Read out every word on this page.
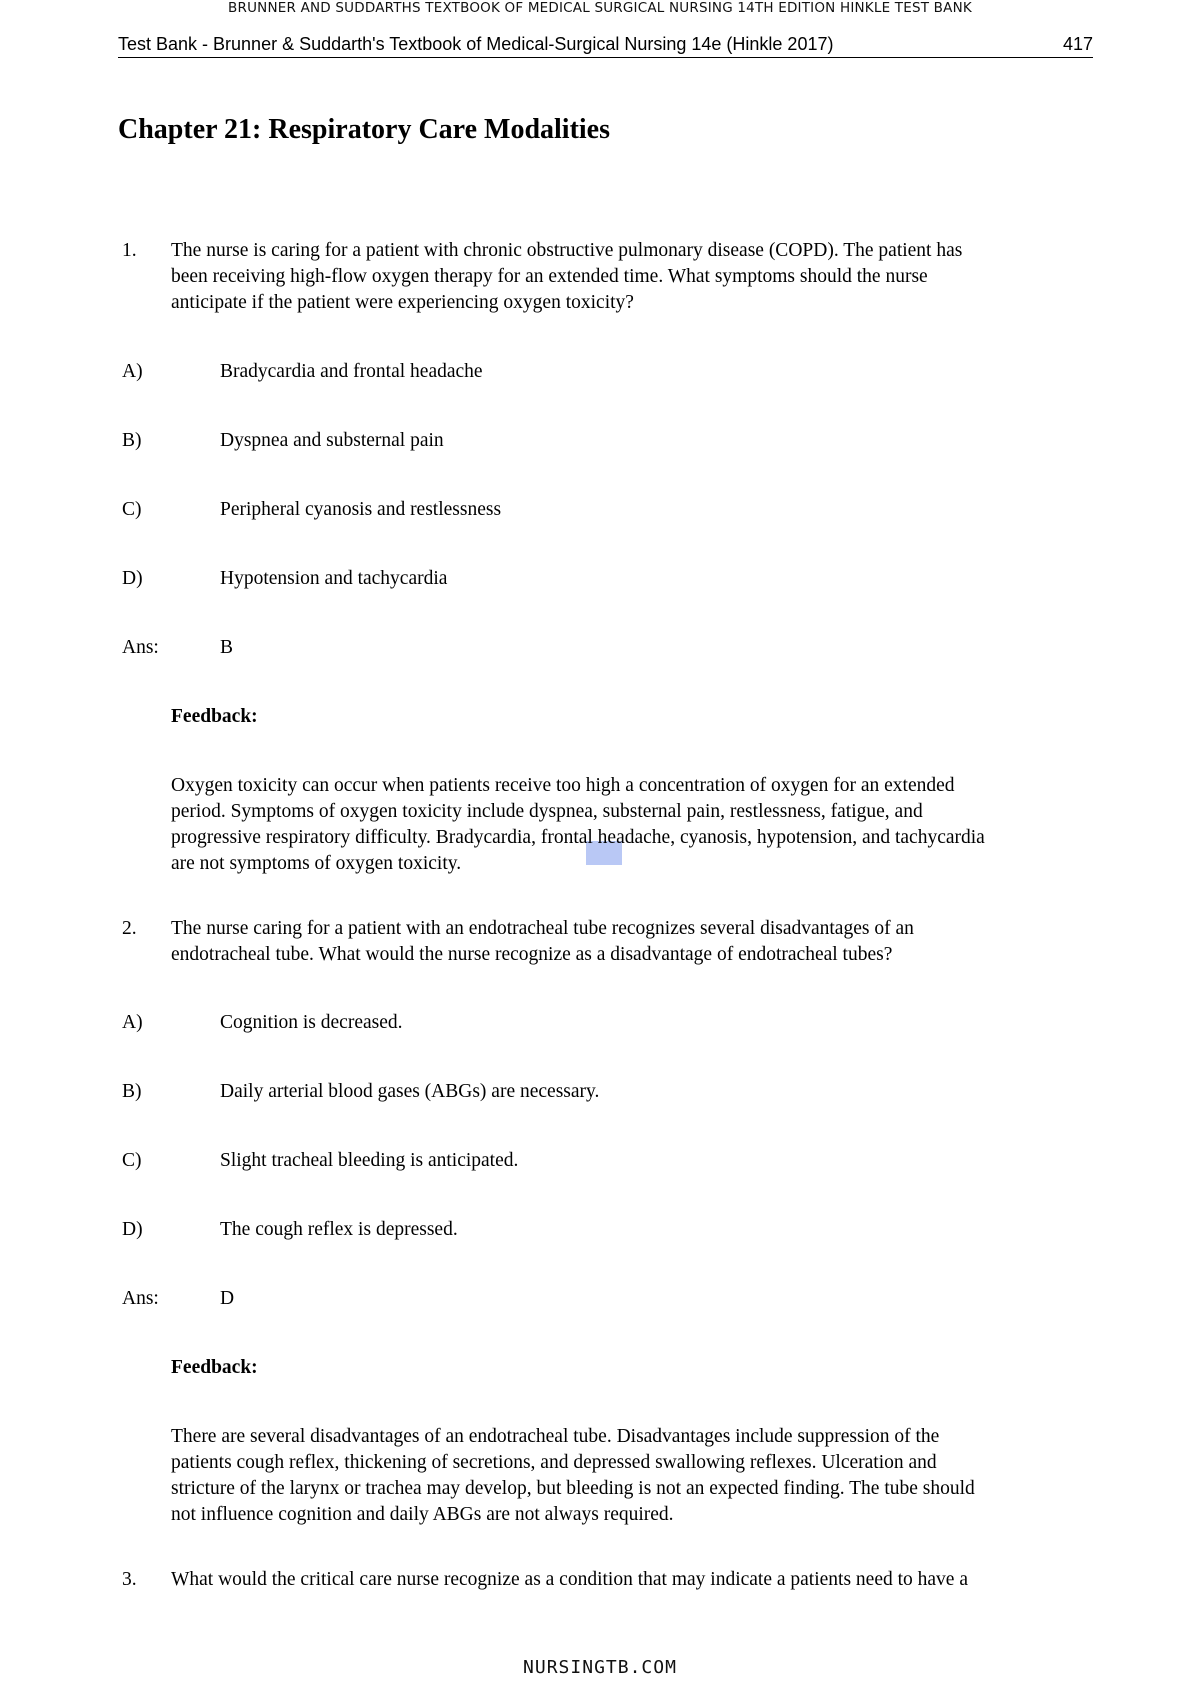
BRUNNER AND SUDDARTHS TEXTBOOK OF MEDICAL SURGICAL NURSING 14TH EDITION HINKLE TEST BANK
Test Bank - Brunner & Suddarth's Textbook of Medical-Surgical Nursing 14e (Hinkle 2017)	417
Chapter 21: Respiratory Care Modalities
1. The nurse is caring for a patient with chronic obstructive pulmonary disease (COPD). The patient has
been receiving high-flow oxygen therapy for an extended time. What symptoms should the nurse
anticipate if the patient were experiencing oxygen toxicity?
A)	Bradycardia and frontal headache
B)	Dyspnea and substernal pain
C)	Peripheral cyanosis and restlessness
D)	Hypotension and tachycardia
Ans:	B
Feedback:
Oxygen toxicity can occur when patients receive too high a concentration of oxygen for an extended
period. Symptoms of oxygen toxicity include dyspnea, substernal pain, restlessness, fatigue, and
progressive respiratory difficulty. Bradycardia, frontal headache, cyanosis, hypotension, and tachycardia
are not symptoms of oxygen toxicity.
2. The nurse caring for a patient with an endotracheal tube recognizes several disadvantages of an
endotracheal tube. What would the nurse recognize as a disadvantage of endotracheal tubes?
A)	Cognition is decreased.
B)	Daily arterial blood gases (ABGs) are necessary.
C)	Slight tracheal bleeding is anticipated.
D)	The cough reflex is depressed.
Ans:	D
Feedback:
There are several disadvantages of an endotracheal tube. Disadvantages include suppression of the
patients cough reflex, thickening of secretions, and depressed swallowing reflexes. Ulceration and
stricture of the larynx or trachea may develop, but bleeding is not an expected finding. The tube should
not influence cognition and daily ABGs are not always required.
3. What would the critical care nurse recognize as a condition that may indicate a patients need to have a
NURSINGTB.COM
